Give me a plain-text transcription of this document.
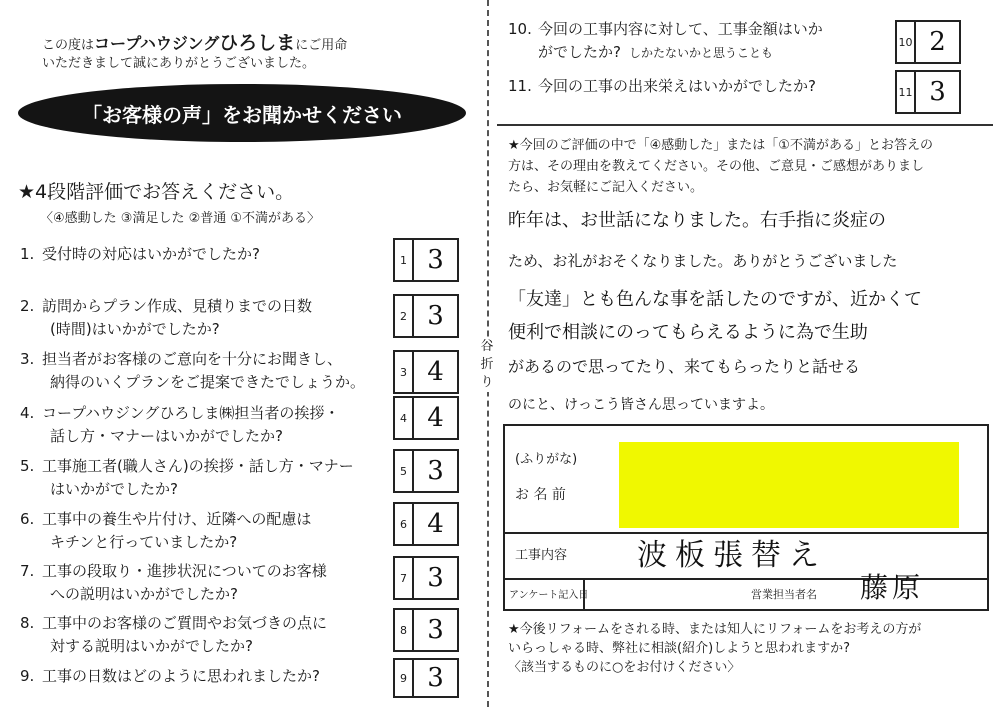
この度はコープハウジングひろしまにご用命
いただきまして誠にありがとうございました。
「お客様の声」をお聞かせください
★4段階評価でお答えください。
〈④感動した ③満足した ②普通 ①不満がある〉
1. 受付時の対応はいかがでしたか?	1 3
2. 訪問からプラン作成、見積りまでの日数
(時間)はいかがでしたか?
2 3
3. 担当者がお客様のご意向を十分にお聞きし、
納得のいくプランをご提案できたでしょうか。
3 4
4. コープハウジングひろしま㈱担当者の挨拶・
話し方・マナーはいかがでしたか?
4 4
5. 工事施工者(職人さん)の挨拶・話し方・マナー
はいかがでしたか?
5 3
6. 工事中の養生や片付け、近隣への配慮は
キチンと行っていましたか?
6 4
7. 工事の段取り・進捗状況についてのお客様
への説明はいかがでしたか?
7 3
8. 工事中のお客様のご質問やお気づきの点に
対する説明はいかがでしたか?
8 3
9. 工事の日数はどのように思われましたか?	9 3
谷
折
り
10. 今回の工事内容に対して、工事金額はいか
がでしたか? しかたないかと思うことも
10 2
11. 今回の工事の出来栄えはいかがでしたか?	11 3
★今回のご評価の中で「④感動した」または「①不満がある」とお答えの
方は、その理由を教えてください。その他、ご意見・ご感想がありまし
たら、お気軽にご記入ください。
昨年は、お世話になりました。右手指に炎症の
ため、お礼がおそくなりました。ありがとうございました
「友達」とも色んな事を話したのですが、近かくて
便利で相談にのってもらえるように為で生助
があるので思ってたり、来てもらったりと話せる
のにと、けっこう皆さん思っていますよ。
(ふりがな)
お 名 前
工事内容 波板張替え
アンケート記入日	営業担当者名 藤原
★今後リフォームをされる時、または知人にリフォームをお考えの方が
いらっしゃる時、弊社に相談(紹介)しようと思われますか?
〈該当するものに○をお付けください〉
